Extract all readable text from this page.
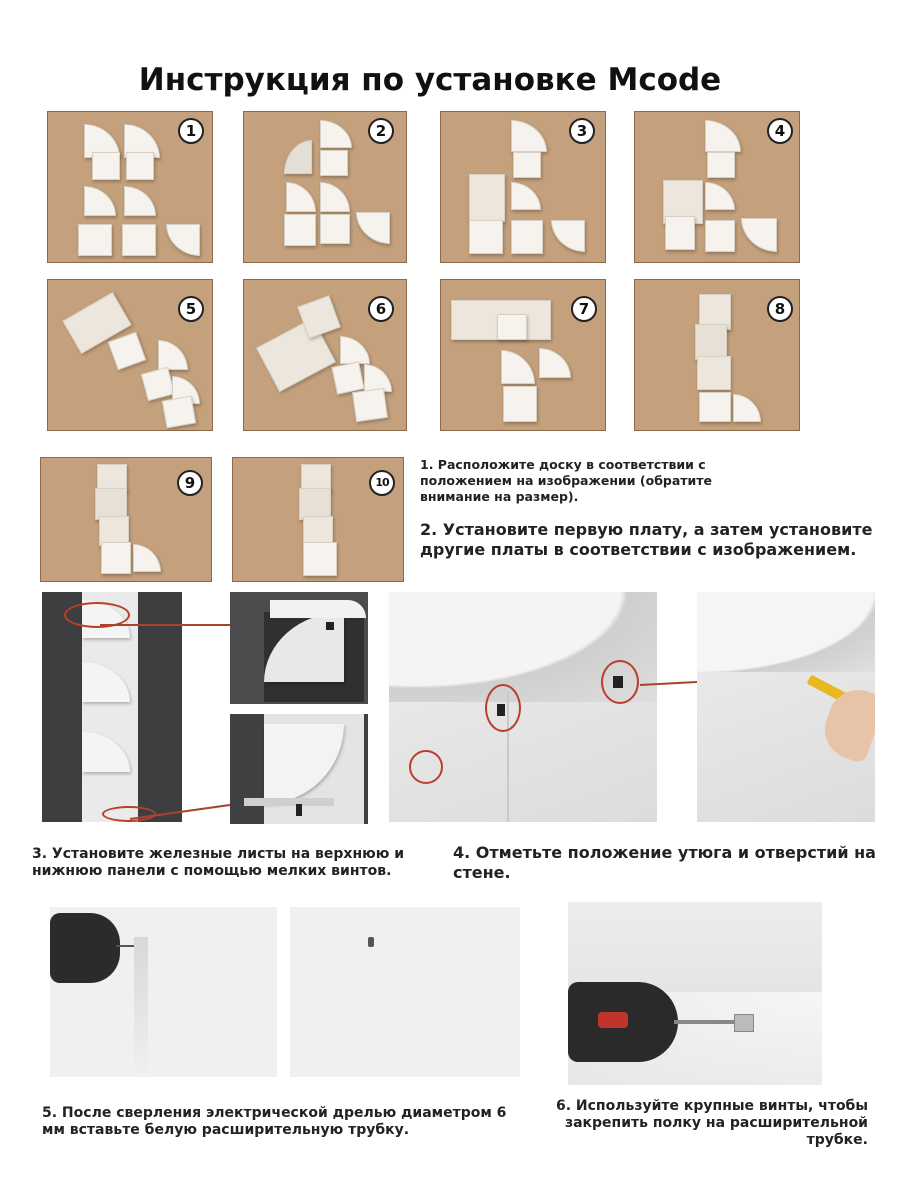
Инструкция по установке Mcode
1	2	3	4
5	6	7	8
9	10
1. Расположите доску в соответствии с положением на изображении (обратите внимание на размер).
2. Установите первую плату, а затем установите другие платы в соответствии с изображением.
3. Установите железные листы на верхнюю и нижнюю панели с помощью мелких винтов.
4. Отметьте положение утюга и отверстий на стене.
5. После сверления электрической дрелью диаметром 6 мм вставьте белую расширительную трубку.
6. Используйте крупные винты, чтобы закрепить полку на расширительной трубке.
